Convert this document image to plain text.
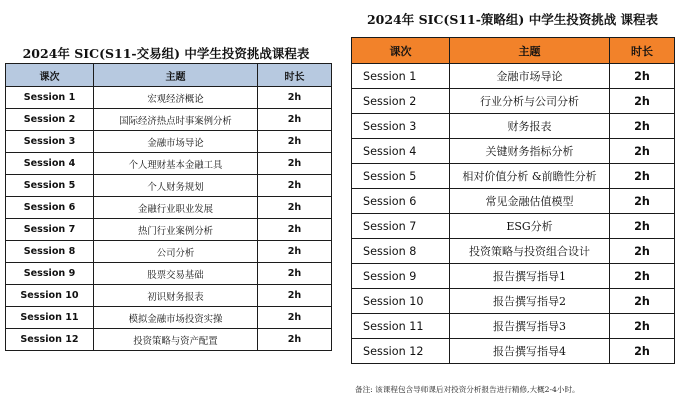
2024年 SIC(S11-交易组) 中学生投资挑战课程表
课次	主题	时长
Session 1	宏观经济概论	2h
Session 2	国际经济热点时事案例分析	2h
Session 3	金融市场导论	2h
Session 4	个人理财基本金融工具	2h
Session 5	个人财务规划	2h
Session 6	金融行业职业发展	2h
Session 7	热门行业案例分析	2h
Session 8	公司分析	2h
Session 9	股票交易基础	2h
Session 10	初识财务报表	2h
Session 11	模拟金融市场投资实操	2h
Session 12	投资策略与资产配置	2h
2024年 SIC(S11-策略组) 中学生投资挑战 课程表
课次	主题	时长
Session 1	金融市场导论	2h
Session 2	行业分析与公司分析	2h
Session 3	财务报表	2h
Session 4	关键财务指标分析	2h
Session 5	相对价值分析 &前瞻性分析	2h
Session 6	常见金融估值模型	2h
Session 7	ESG分析	2h
Session 8	投资策略与投资组合设计	2h
Session 9	报告撰写指导1	2h
Session 10	报告撰写指导2	2h
Session 11	报告撰写指导3	2h
Session 12	报告撰写指导4	2h
备注: 该课程包含导师课后对投资分析报告进行精修,大概2-4小时。
